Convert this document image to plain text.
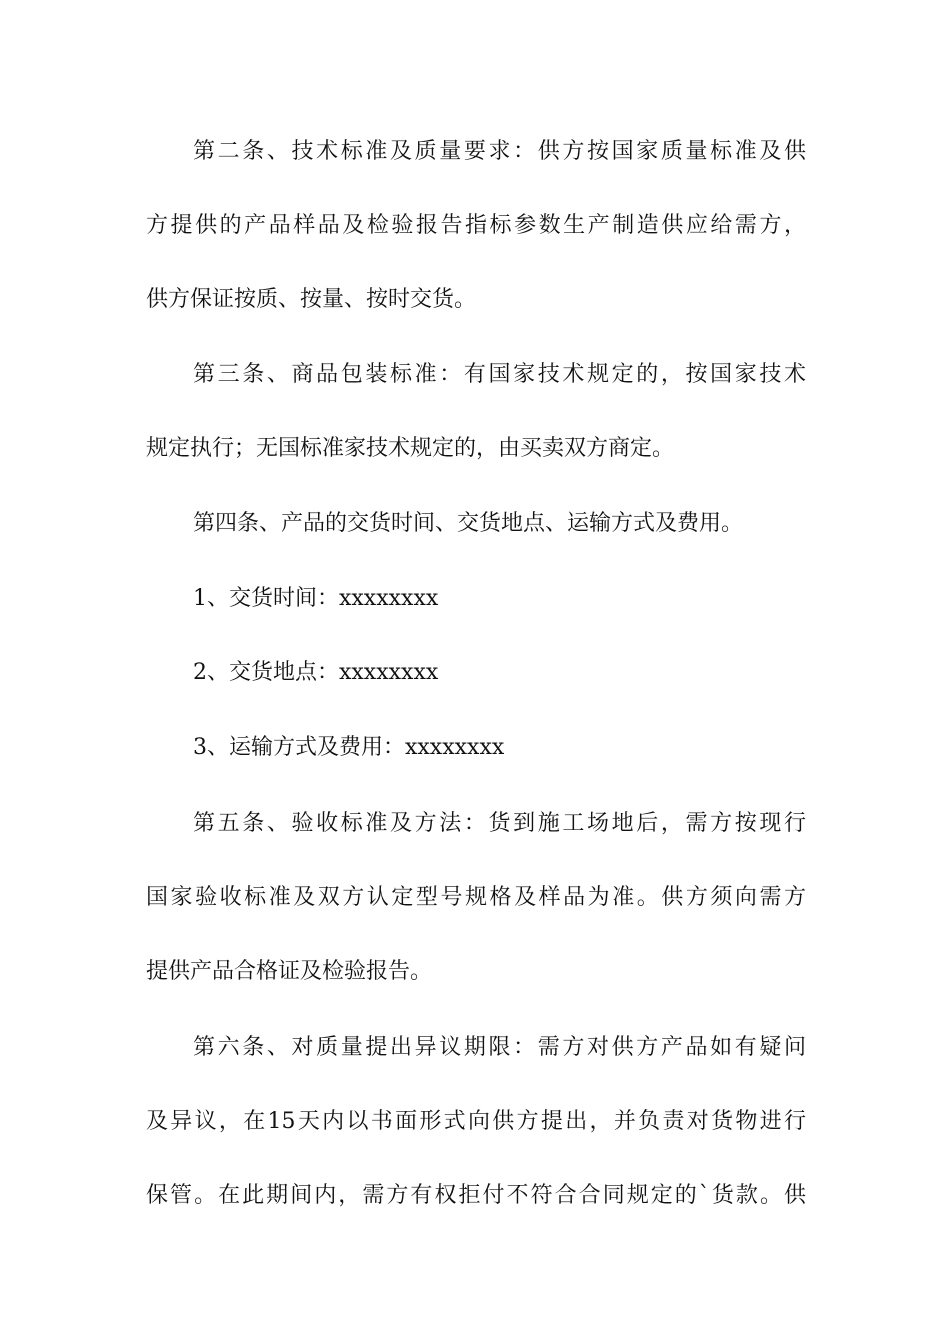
第二条、技术标准及质量要求：供方按国家质量标准及供
方提供的产品样品及检验报告指标参数生产制造供应给需方，
供方保证按质、按量、按时交货。
第三条、商品包装标准：有国家技术规定的，按国家技术
规定执行；无国标准家技术规定的，由买卖双方商定。
第四条、产品的交货时间、交货地点、运输方式及费用。
1、交货时间：xxxxxxxx
2、交货地点：xxxxxxxx
3、运输方式及费用：xxxxxxxx
第五条、验收标准及方法：货到施工场地后，需方按现行
国家验收标准及双方认定型号规格及样品为准。供方须向需方
提供产品合格证及检验报告。
第六条、对质量提出异议期限：需方对供方产品如有疑问
及异议，在15天内以书面形式向供方提出，并负责对货物进行
保管。在此期间内，需方有权拒付不符合合同规定的`货款。供
